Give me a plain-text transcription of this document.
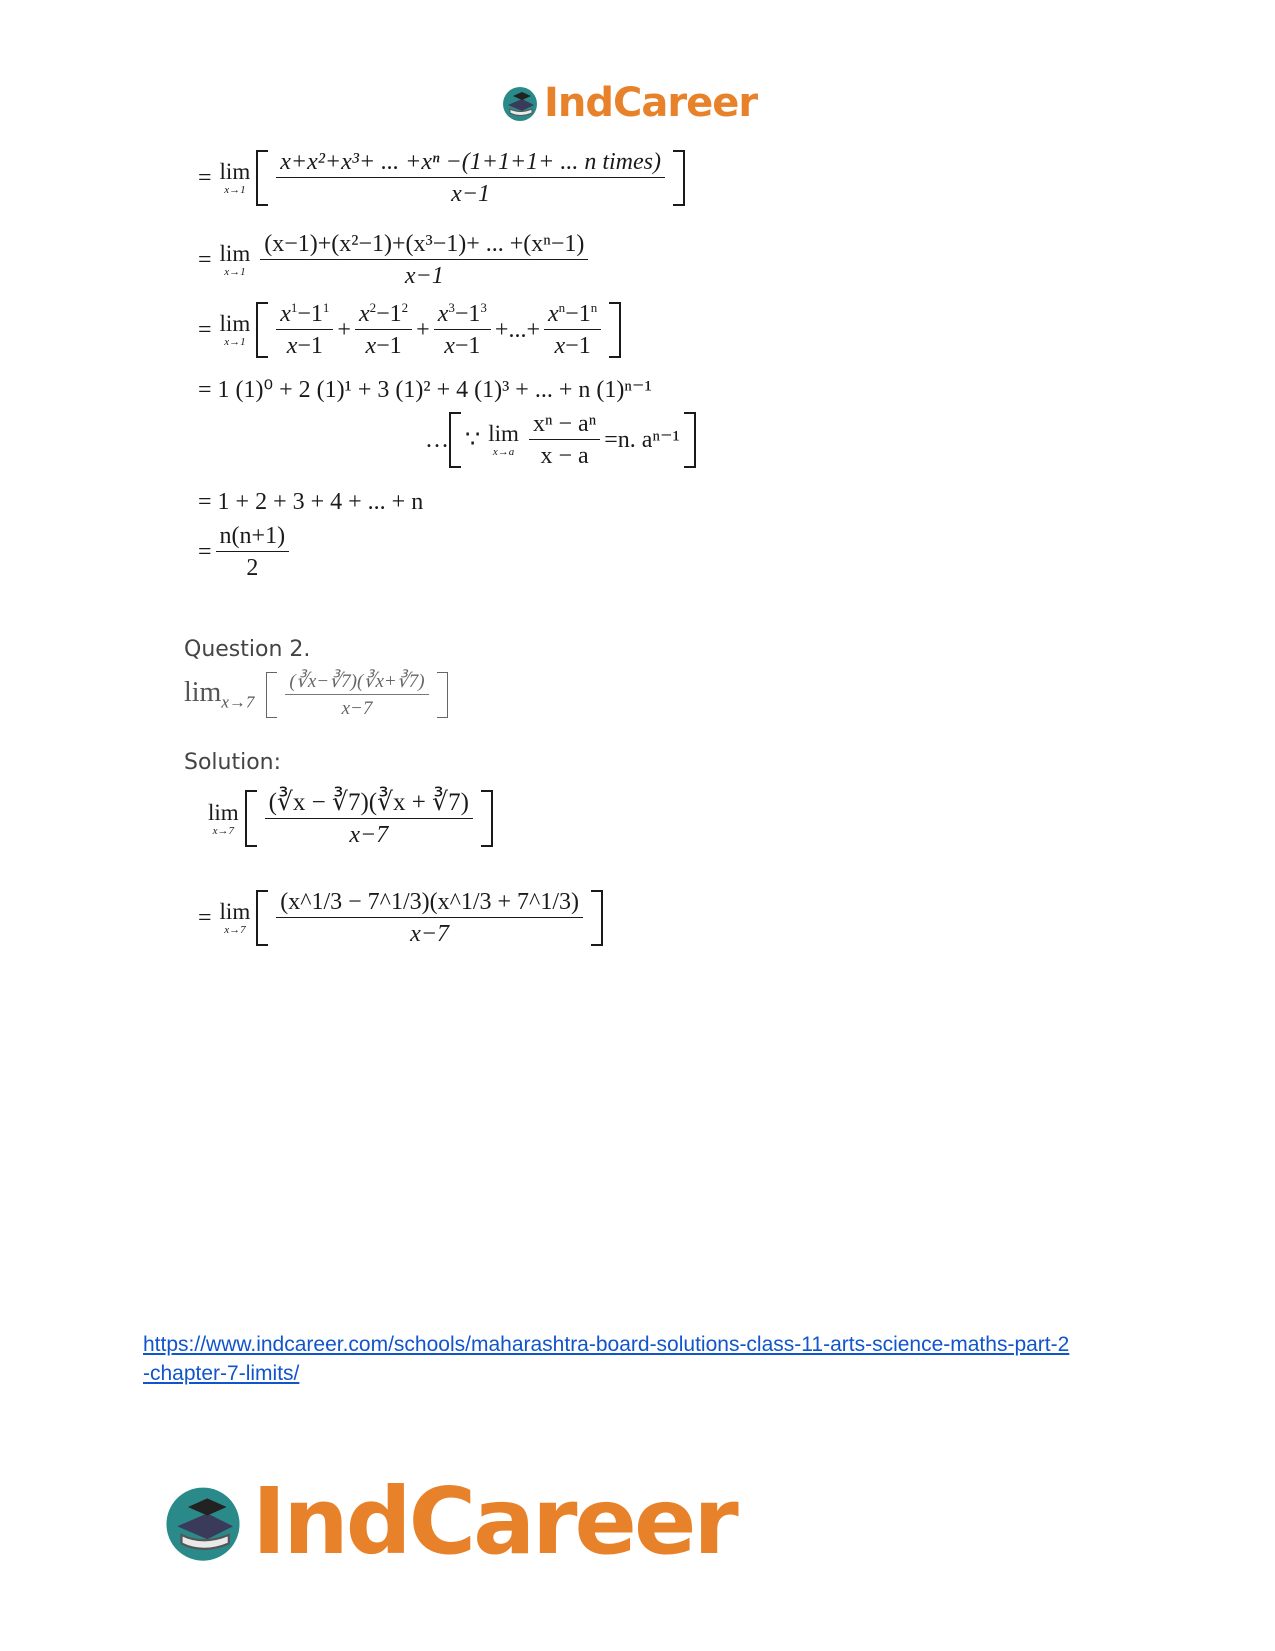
IndCareer
= lim
$x\to 1 \frac{\text{x+x²+x³+ ... +xⁿ −(1+1+1+ ... n times)}}{x-1}$
= lim
$x\to 1 \frac{\text{(x−1)+(x²−1)+(x³−1)+ ... +(xⁿ−1)}}{x-1}$
= lim
$x\to 1 \frac{x^1-1^1}{x-1} + \frac{x^2-1^2}{x-1} + \frac{x^3-1^3}{x-1}$ +...+ $\frac{x^n-1^n}{x-1}$
= 1 (1)⁰ + 2 (1)¹ + 3 (1)² + 4 (1)³ + ... + n (1)ⁿ⁻¹
… ∵ lim
$x\to a \frac{\text{xⁿ − aⁿ}}{x - a} =n$. aⁿ⁻¹
= 1 + 2 + 3 + 4 + ... + n
= $\frac{n(n+1)}{2}$
Question 2.
$\lim_{x\to 7} \frac{(∛x-∛7)(∛x+∛7)}{x-7}$
Solution:
lim
$x\to 7 \frac{(∛x - ∛7)(∛x + ∛7)}{x-7}$
= lim
$x\to 7 \frac{(x\^{}1/3 - 7\^{}1/3)(x\^{}1/3 + 7\^{}1/3)}{x-7}$
https://www.indcareer.com/schools/maharashtra-board-solutions-class-11-arts-science-maths-part-2-chapter-7-limits/
IndCareer
